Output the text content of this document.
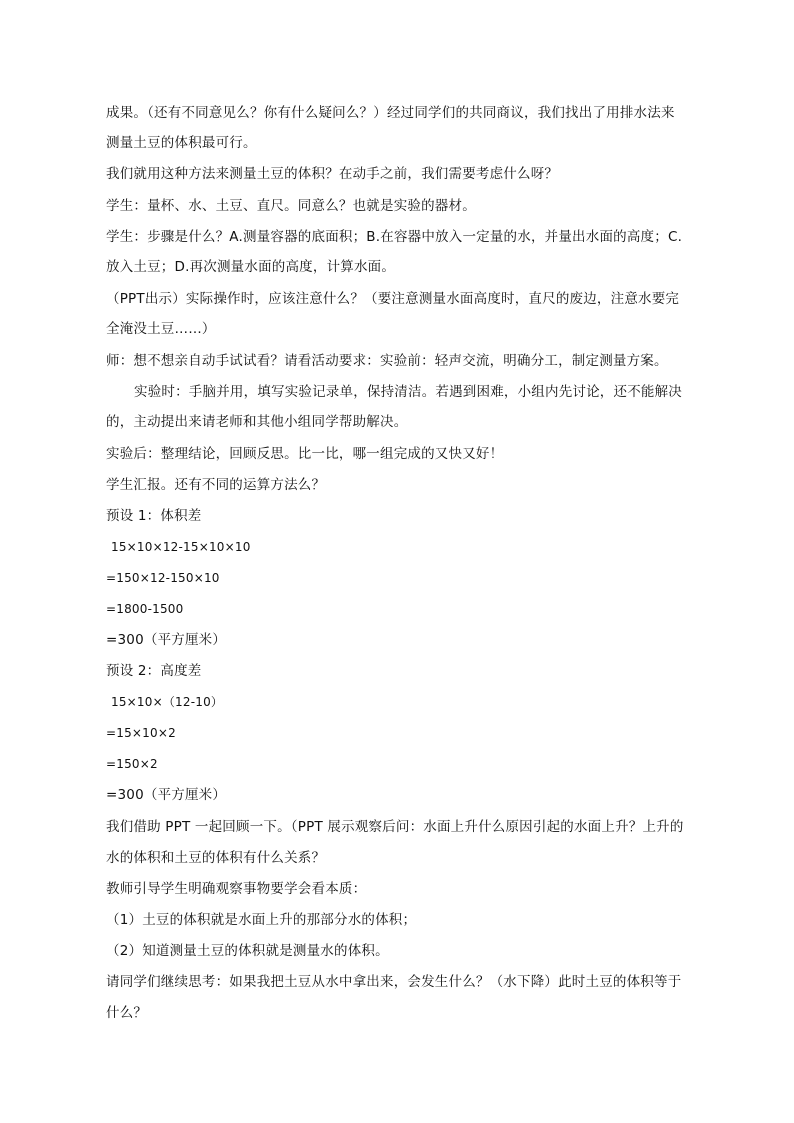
成果。（还有不同意见么？你有什么疑问么？）经过同学们的共同商议，我们找出了用排水法来
测量土豆的体积最可行。
我们就用这种方法来测量土豆的体积？在动手之前，我们需要考虑什么呀？
学生：量杯、水、土豆、直尺。同意么？也就是实验的器材。
学生：步骤是什么？A.测量容器的底面积；B.在容器中放入一定量的水，并量出水面的高度；C.
放入土豆；D.再次测量水面的高度，计算水面。
（PPT出示）实际操作时，应该注意什么？（要注意测量水面高度时，直尺的废边，注意水要完
全淹没土豆……）
师：想不想亲自动手试试看？请看活动要求：实验前：轻声交流，明确分工，制定测量方案。
实验时：手脑并用，填写实验记录单，保持清洁。若遇到困难，小组内先讨论，还不能解决
的，主动提出来请老师和其他小组同学帮助解决。
实验后：整理结论，回顾反思。比一比，哪一组完成的又快又好！
学生汇报。还有不同的运算方法么？
预设 1：体积差
15×10×12-15×10×10
=150×12-150×10
=1800-1500
=300（平方厘米）
预设 2：高度差
15×10×（12-10）
=15×10×2
=150×2
=300（平方厘米）
我们借助 PPT 一起回顾一下。（PPT 展示观察后问：水面上升什么原因引起的水面上升？上升的
水的体积和土豆的体积有什么关系？
教师引导学生明确观察事物要学会看本质：
（1）土豆的体积就是水面上升的那部分水的体积；
（2）知道测量土豆的体积就是测量水的体积。
请同学们继续思考：如果我把土豆从水中拿出来，会发生什么？（水下降）此时土豆的体积等于
什么？
